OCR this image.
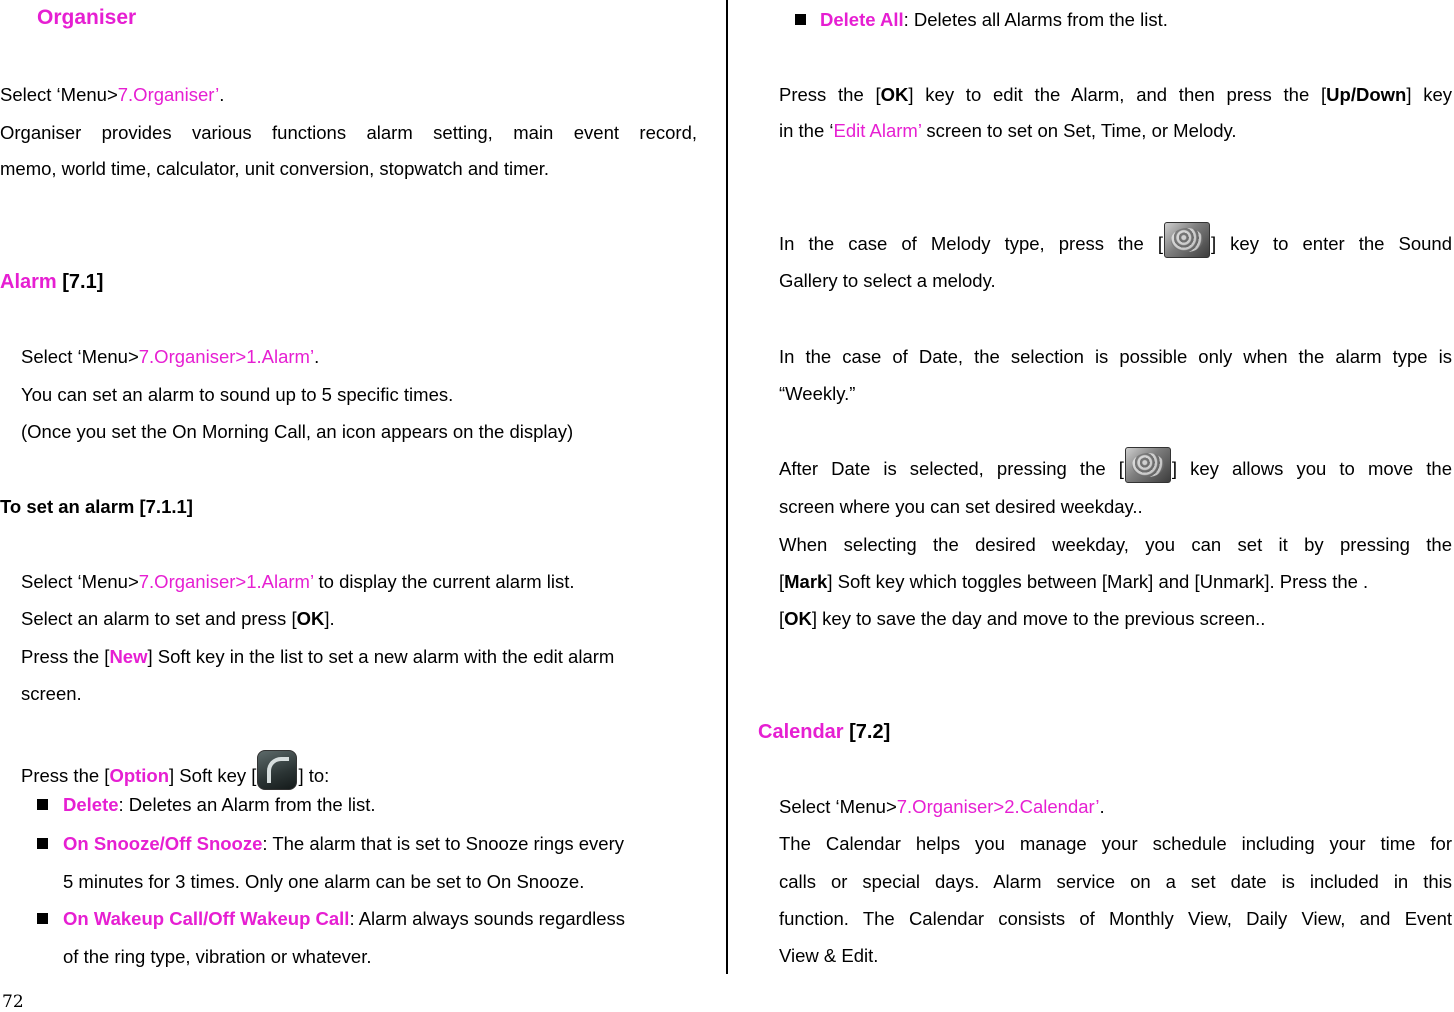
Organiser
Select ‘Menu>7.Organiser’.
Organiser provides various functions alarm setting, main event record,
memo, world time, calculator, unit conversion, stopwatch and timer.
Alarm [7.1]
Select ‘Menu>7.Organiser>1.Alarm’.
You can set an alarm to sound up to 5 specific times.
(Once you set the On Morning Call, an icon appears on the display)
To set an alarm [7.1.1]
Select ‘Menu>7.Organiser>1.Alarm’ to display the current alarm list.
Select an alarm to set and press [OK].
Press the [New] Soft key in the list to set a new alarm with the edit alarm
screen.
Press the [Option] Soft key [ ] to:
Delete: Deletes an Alarm from the list.
On Snooze/Off Snooze: The alarm that is set to Snooze rings every
5 minutes for 3 times. Only one alarm can be set to On Snooze.
On Wakeup Call/Off Wakeup Call: Alarm always sounds regardless
of the ring type, vibration or whatever.
Delete All: Deletes all Alarms from the list.
Press the [OK] key to edit the Alarm, and then press the [Up/Down] key
in the ‘Edit Alarm’ screen to set on Set, Time, or Melody.
In the case of Melody type, press the [	] key to enter the Sound
Gallery to select a melody.
In the case of Date, the selection is possible only when the alarm type is
“Weekly.”
After Date is selected, pressing the [	] key allows you to move the
screen where you can set desired weekday..
When selecting the desired weekday, you can set it by pressing the
[Mark] Soft key which toggles between [Mark] and [Unmark]. Press the .
[OK] key to save the day and move to the previous screen..
Calendar [7.2]
Select ‘Menu>7.Organiser>2.Calendar’.
The Calendar helps you manage your schedule including your time for
calls or special days. Alarm service on a set date is included in this
function. The Calendar consists of Monthly View, Daily View, and Event
View & Edit.
72
